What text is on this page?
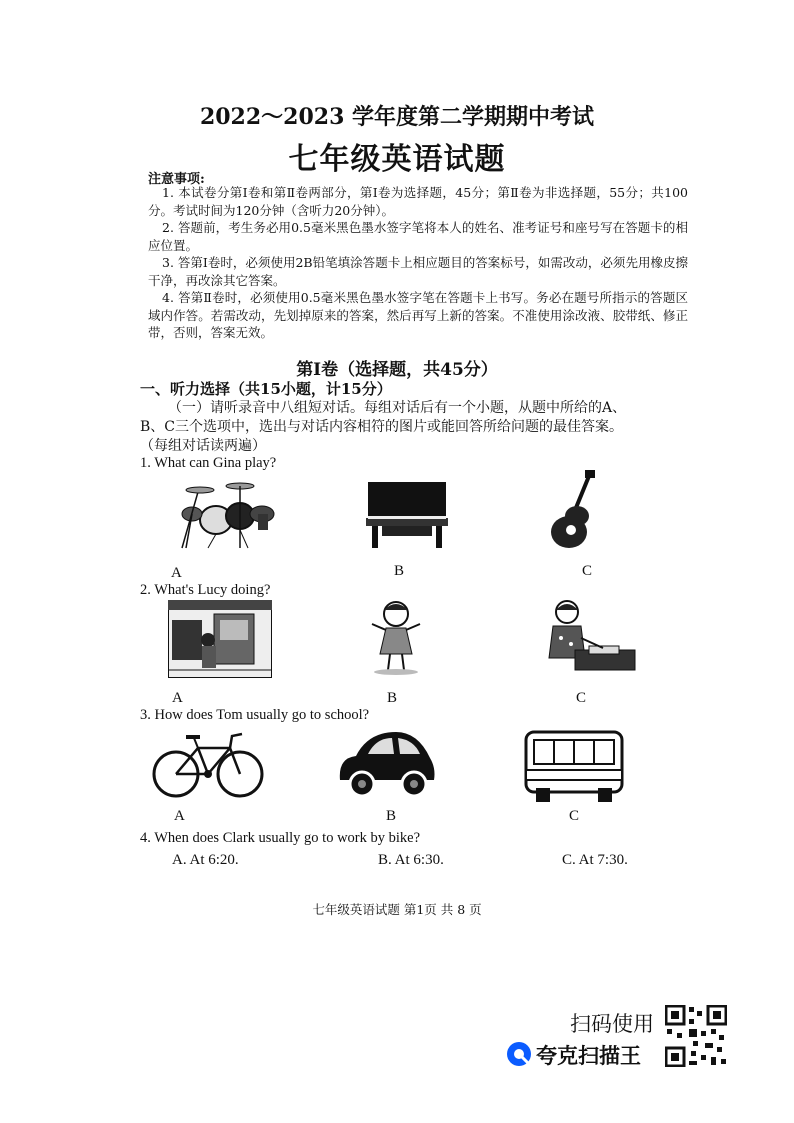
2022～2023 学年度第二学期期中考试
七年级英语试题
注意事项:

1. 本试卷分第Ⅰ卷和第Ⅱ卷两部分，第Ⅰ卷为选择题，45分；第Ⅱ卷为非选择题，55分；共100分。考试时间为120分钟（含听力20分钟）。

2. 答题前，考生务必用0.5毫米黑色墨水签字笔将本人的姓名、准考证号和座号写在答题卡的相应位置。

3. 答第Ⅰ卷时，必须使用2B铅笔填涂答题卡上相应题目的答案标号，如需改动，必须先用橡皮擦干净，再改涂其它答案。

4. 答第Ⅱ卷时，必须使用0.5毫米黑色墨水签字笔在答题卡上书写。务必在题号所指示的答题区域内作答。若需改动，先划掉原来的答案，然后再写上新的答案。不准使用涂改液、胶带纸、修正带，否则，答案无效。

第Ⅰ卷（选择题，共45分）
一、听力选择（共15小题，计15分）

（一）请听录音中八组短对话。每组对话后有一个小题，从题中所给的A、

B、C三个选项中，选出与对话内容相符的图片或能回答所给问题的最佳答案。

（每组对话读两遍）

1. What can Gina play?
A	B	C
2. What's Lucy doing?
A	B	C
3. How does Tom usually go to school?
A	B	C
4. When does Clark usually go to work by bike?
A. At 6:20.	B. At 6:30.	C. At 7:30.
七年级英语试题 第1页 共 8 页
扫码使用
夸克扫描王
